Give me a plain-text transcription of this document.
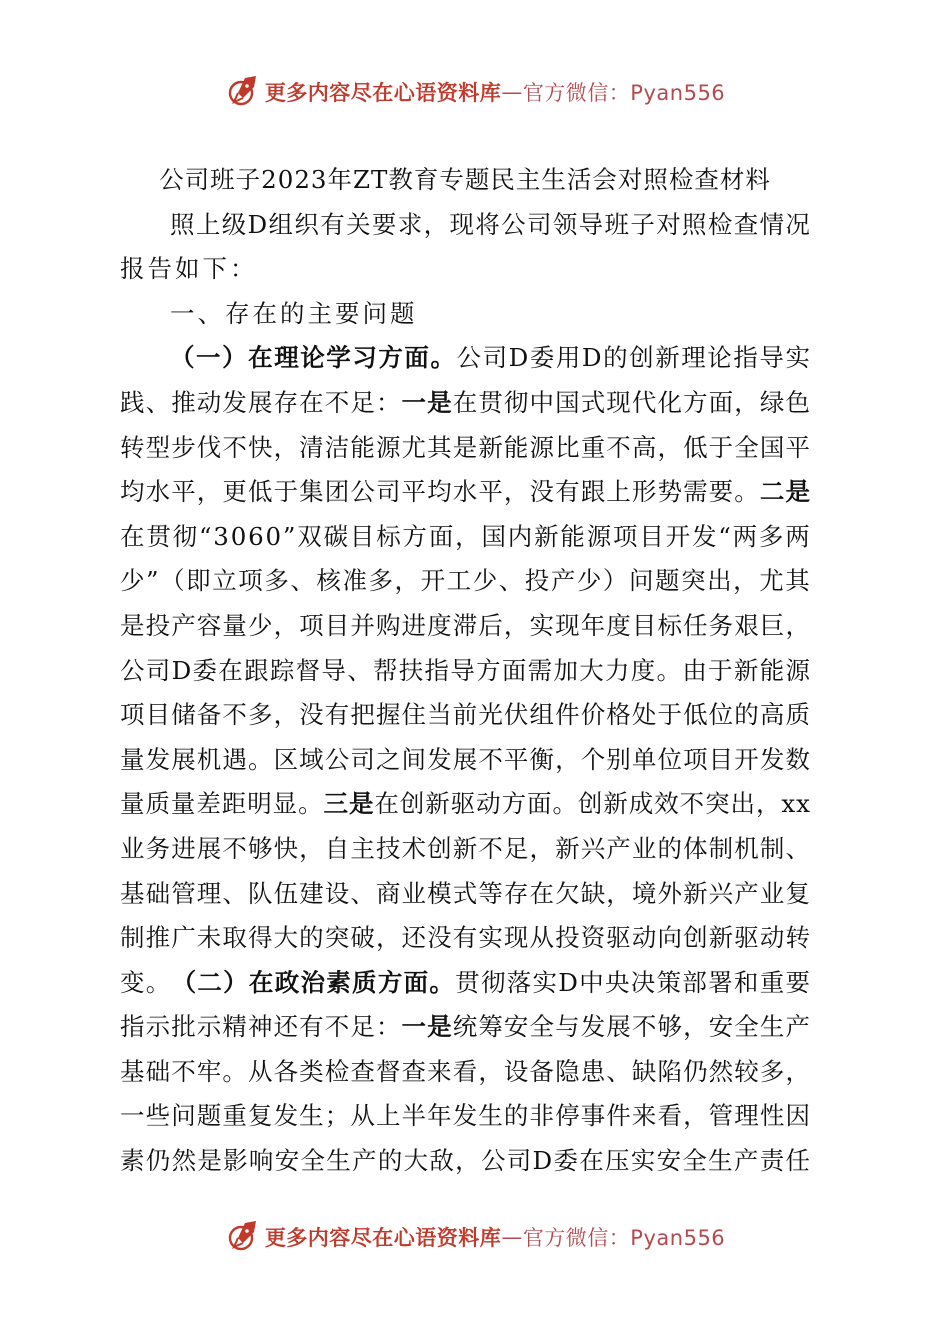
更多内容尽在心语资料库 — 官方微信：Pyan556
公司班子2023年ZT教育专题民主生活会对照检查材料
照 上 级 D 组 织 有 关 要 求 ， 现 将 公 司 领 导 班 子 对 照 检 查 情 况
报告如下：
一、存在的主要问题
（ 一 ） 在 理 论 学 习 方 面 。 公 司 D 委 用 D 的 创 新 理 论 指 导 实
践 、 推 动 发 展 存 在 不 足 ： 一 是 在 贯 彻 中 国 式 现 代 化 方 面 ， 绿 色
转 型 步 伐 不 快 ， 清 洁 能 源 尤 其 是 新 能 源 比 重 不 高 ， 低 于 全 国 平
均 水 平 ， 更 低 于 集 团 公 司 平 均 水 平 ， 没 有 跟 上 形 势 需 要 。 二 是
在 贯 彻 “ 3 0 6 0 ” 双 碳 目 标 方 面 ， 国 内 新 能 源 项 目 开 发 “ 两 多 两
少 ” （ 即 立 项 多 、 核 准 多 ， 开 工 少 、 投 产 少 ） 问 题 突 出 ， 尤 其
是 投 产 容 量 少 ， 项 目 并 购 进 度 滞 后 ， 实 现 年 度 目 标 任 务 艰 巨 ，
公 司 D 委 在 跟 踪 督 导 、 帮 扶 指 导 方 面 需 加 大 力 度 。 由 于 新 能 源
项 目 储 备 不 多 ， 没 有 把 握 住 当 前 光 伏 组 件 价 格 处 于 低 位 的 高 质
量 发 展 机 遇 。 区 域 公 司 之 间 发 展 不 平 衡 ， 个 别 单 位 项 目 开 发 数
量 质 量 差 距 明 显 。 三 是 在 创 新 驱 动 方 面 。 创 新 成 效 不 突 出 ， x x
业 务 进 展 不 够 快 ， 自 主 技 术 创 新 不 足 ， 新 兴 产 业 的 体 制 机 制 、
基 础 管 理 、 队 伍 建 设 、 商 业 模 式 等 存 在 欠 缺 ， 境 外 新 兴 产 业 复
制 推 广 未 取 得 大 的 突 破 ， 还 没 有 实 现 从 投 资 驱 动 向 创 新 驱 动 转
变 。 （ 二 ） 在 政 治 素 质 方 面 。 贯 彻 落 实 D 中 央 决 策 部 署 和 重 要
指 示 批 示 精 神 还 有 不 足 ： 一 是 统 筹 安 全 与 发 展 不 够 ， 安 全 生 产
基 础 不 牢 。 从 各 类 检 查 督 查 来 看 ， 设 备 隐 患 、 缺 陷 仍 然 较 多 ，
一 些 问 题 重 复 发 生 ； 从 上 半 年 发 生 的 非 停 事 件 来 看 ， 管 理 性 因
素 仍 然 是 影 响 安 全 生 产 的 大 敌 ， 公 司 D 委 在 压 实 安 全 生 产 责 任
更多内容尽在心语资料库 — 官方微信：Pyan556
